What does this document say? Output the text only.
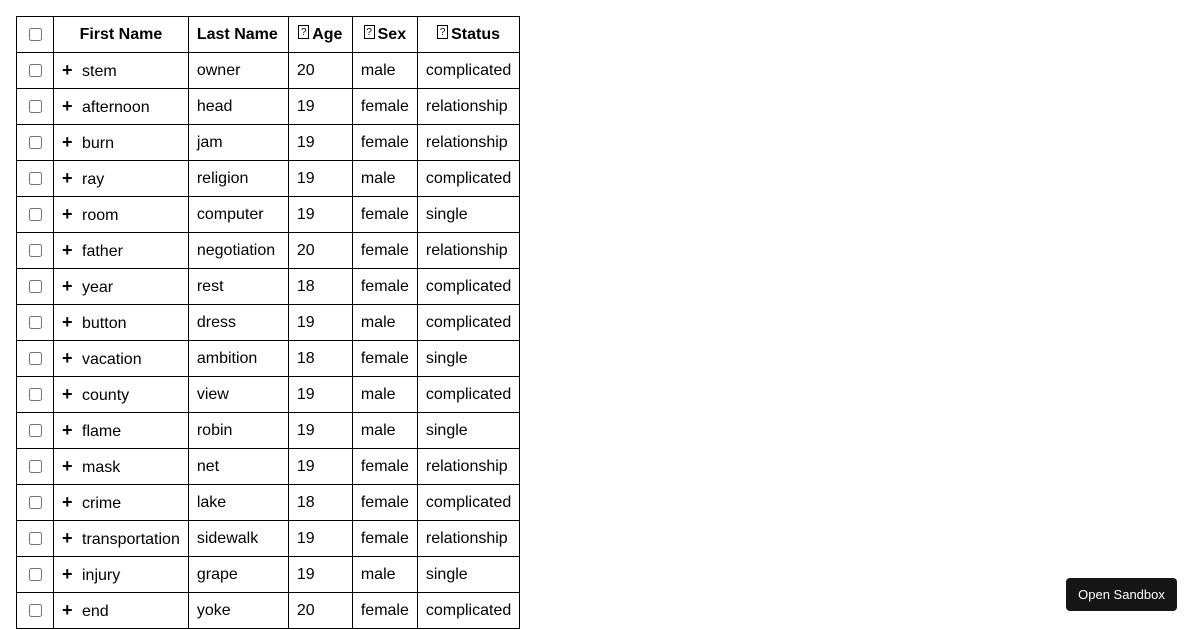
	First Name	Last Name	? Age	? Sex	? Status
	+ stem	owner	20	male	complicated
	+ afternoon	head	19	female	relationship
	+ burn	jam	19	female	relationship
	+ ray	religion	19	male	complicated
	+ room	computer	19	female	single
	+ father	negotiation	20	female	relationship
	+ year	rest	18	female	complicated
	+ button	dress	19	male	complicated
	+ vacation	ambition	18	female	single
	+ county	view	19	male	complicated
	+ flame	robin	19	male	single
	+ mask	net	19	female	relationship
	+ crime	lake	18	female	complicated
	+ transportation	sidewalk	19	female	relationship
	+ injury	grape	19	male	single
	+ end	yoke	20	female	complicated
Open Sandbox
